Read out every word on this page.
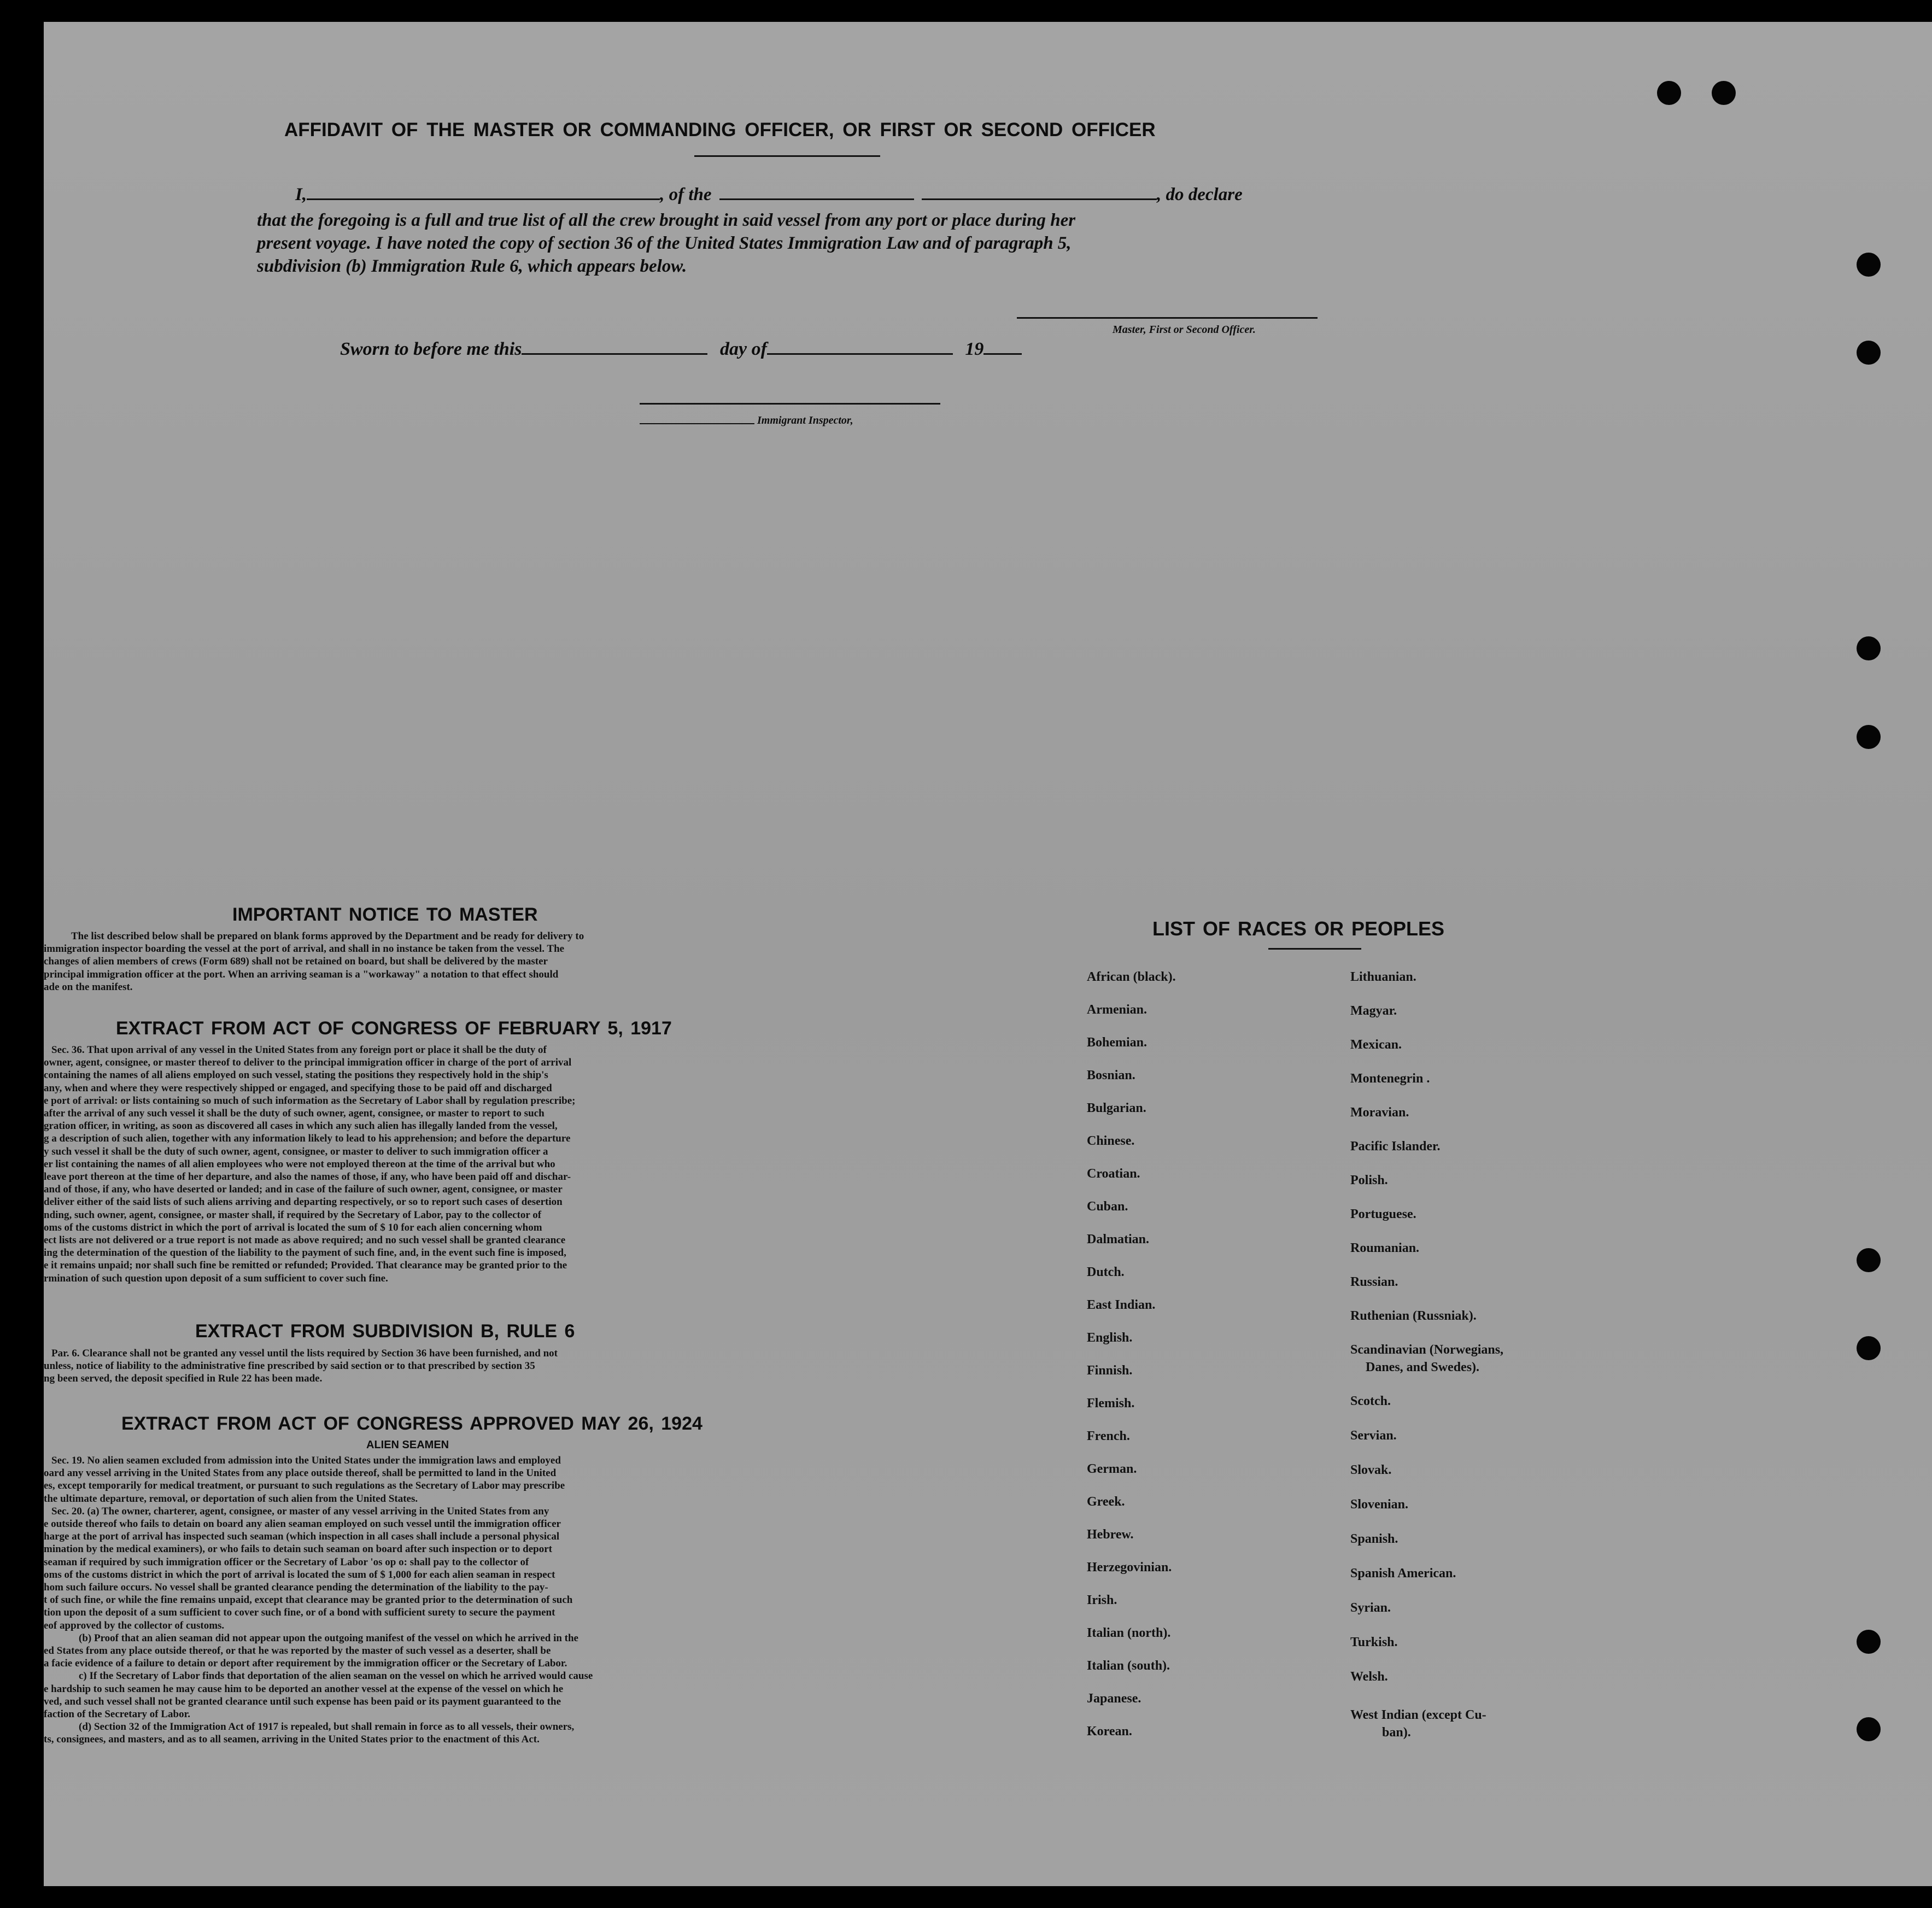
AFFIDAVIT OF THE MASTER OR COMMANDING OFFICER, OR FIRST OR SECOND OFFICER
I,	, of the	, do declare
that the foregoing is a full and true list of all the crew brought in said vessel from any port or place during her
present voyage. I have noted the copy of section 36 of the United States Immigration Law and of paragraph 5,
subdivision (b) Immigration Rule 6, which appears below.
Master, First or Second Officer.
Sworn to before me this	day of	19
Immigrant Inspector,
IMPORTANT NOTICE TO MASTER
The list described below shall be prepared on blank forms approved by the Department and be ready for delivery to
immigration inspector boarding the vessel at the port of arrival, and shall in no instance be taken from the vessel. The
changes of alien members of crews (Form 689) shall not be retained on board, but shall be delivered by the master
principal immigration officer at the port. When an arriving seaman is a "workaway" a notation to that effect should
ade on the manifest.
EXTRACT FROM ACT OF CONGRESS OF FEBRUARY 5, 1917
Sec. 36. That upon arrival of any vessel in the United States from any foreign port or place it shall be the duty of
owner, agent, consignee, or master thereof to deliver to the principal immigration officer in charge of the port of arrival
containing the names of all aliens employed on such vessel, stating the positions they respectively hold in the ship's
any, when and where they were respectively shipped or engaged, and specifying those to be paid off and discharged
e port of arrival: or lists containing so much of such information as the Secretary of Labor shall by regulation prescribe;
after the arrival of any such vessel it shall be the duty of such owner, agent, consignee, or master to report to such
gration officer, in writing, as soon as discovered all cases in which any such alien has illegally landed from the vessel,
g a description of such alien, together with any information likely to lead to his apprehension; and before the departure
y such vessel it shall be the duty of such owner, agent, consignee, or master to deliver to such immigration officer a
er list containing the names of all alien employees who were not employed thereon at the time of the arrival but who
leave port thereon at the time of her departure, and also the names of those, if any, who have been paid off and dischar-
and of those, if any, who have deserted or landed; and in case of the failure of such owner, agent, consignee, or master
deliver either of the said lists of such aliens arriving and departing respectively, or so to report such cases of desertion
nding, such owner, agent, consignee, or master shall, if required by the Secretary of Labor, pay to the collector of
oms of the customs district in which the port of arrival is located the sum of $ 10 for each alien concerning whom
ect lists are not delivered or a true report is not made as above required; and no such vessel shall be granted clearance
ing the determination of the question of the liability to the payment of such fine, and, in the event such fine is imposed,
e it remains unpaid; nor shall such fine be remitted or refunded; Provided. That clearance may be granted prior to the
rmination of such question upon deposit of a sum sufficient to cover such fine.
EXTRACT FROM SUBDIVISION B, RULE 6
Par. 6. Clearance shall not be granted any vessel until the lists required by Section 36 have been furnished, and not
unless, notice of liability to the administrative fine prescribed by said section or to that prescribed by section 35
ng been served, the deposit specified in Rule 22 has been made.
EXTRACT FROM ACT OF CONGRESS APPROVED MAY 26, 1924
ALIEN SEAMEN
Sec. 19. No alien seamen excluded from admission into the United States under the immigration laws and employed
oard any vessel arriving in the United States from any place outside thereof, shall be permitted to land in the United
es, except temporarily for medical treatment, or pursuant to such regulations as the Secretary of Labor may prescribe
the ultimate departure, removal, or deportation of such alien from the United States.
Sec. 20. (a) The owner, charterer, agent, consignee, or master of any vessel arriving in the United States from any
e outside thereof who fails to detain on board any alien seaman employed on such vessel until the immigration officer
harge at the port of arrival has inspected such seaman (which inspection in all cases shall include a personal physical
mination by the medical examiners), or who fails to detain such seaman on board after such inspection or to deport
seaman if required by such immigration officer or the Secretary of Labor 'os op o: shall pay to the collector of
oms of the customs district in which the port of arrival is located the sum of $ 1,000 for each alien seaman in respect
hom such failure occurs. No vessel shall be granted clearance pending the determination of the liability to the pay-
t of such fine, or while the fine remains unpaid, except that clearance may be granted prior to the determination of such
tion upon the deposit of a sum sufficient to cover such fine, or of a bond with sufficient surety to secure the payment
eof approved by the collector of customs.
(b) Proof that an alien seaman did not appear upon the outgoing manifest of the vessel on which he arrived in the
ed States from any place outside thereof, or that he was reported by the master of such vessel as a deserter, shall be
a facie evidence of a failure to detain or deport after requirement by the immigration officer or the Secretary of Labor.
c) If the Secretary of Labor finds that deportation of the alien seaman on the vessel on which he arrived would cause
e hardship to such seamen he may cause him to be deported an another vessel at the expense of the vessel on which he
ved, and such vessel shall not be granted clearance until such expense has been paid or its payment guaranteed to the
faction of the Secretary of Labor.
(d) Section 32 of the Immigration Act of 1917 is repealed, but shall remain in force as to all vessels, their owners,
ts, consignees, and masters, and as to all seamen, arriving in the United States prior to the enactment of this Act.
LIST OF RACES OR PEOPLES
African (black).
Armenian.
Bohemian.
Bosnian.
Bulgarian.
Chinese.
Croatian.
Cuban.
Dalmatian.
Dutch.
East Indian.
English.
Finnish.
Flemish.
French.
German.
Greek.
Hebrew.
Herzegovinian.
Irish.
Italian (north).
Italian (south).
Japanese.
Korean.
Lithuanian.
Magyar.
Mexican.
Montenegrin .
Moravian.
Pacific Islander.
Polish.
Portuguese.
Roumanian.
Russian.
Ruthenian (Russniak).
Scandinavian (Norwegians,
Danes, and Swedes).
Scotch.
Servian.
Slovak.
Slovenian.
Spanish.
Spanish American.
Syrian.
Turkish.
Welsh.
West Indian (except Cu-
ban).
